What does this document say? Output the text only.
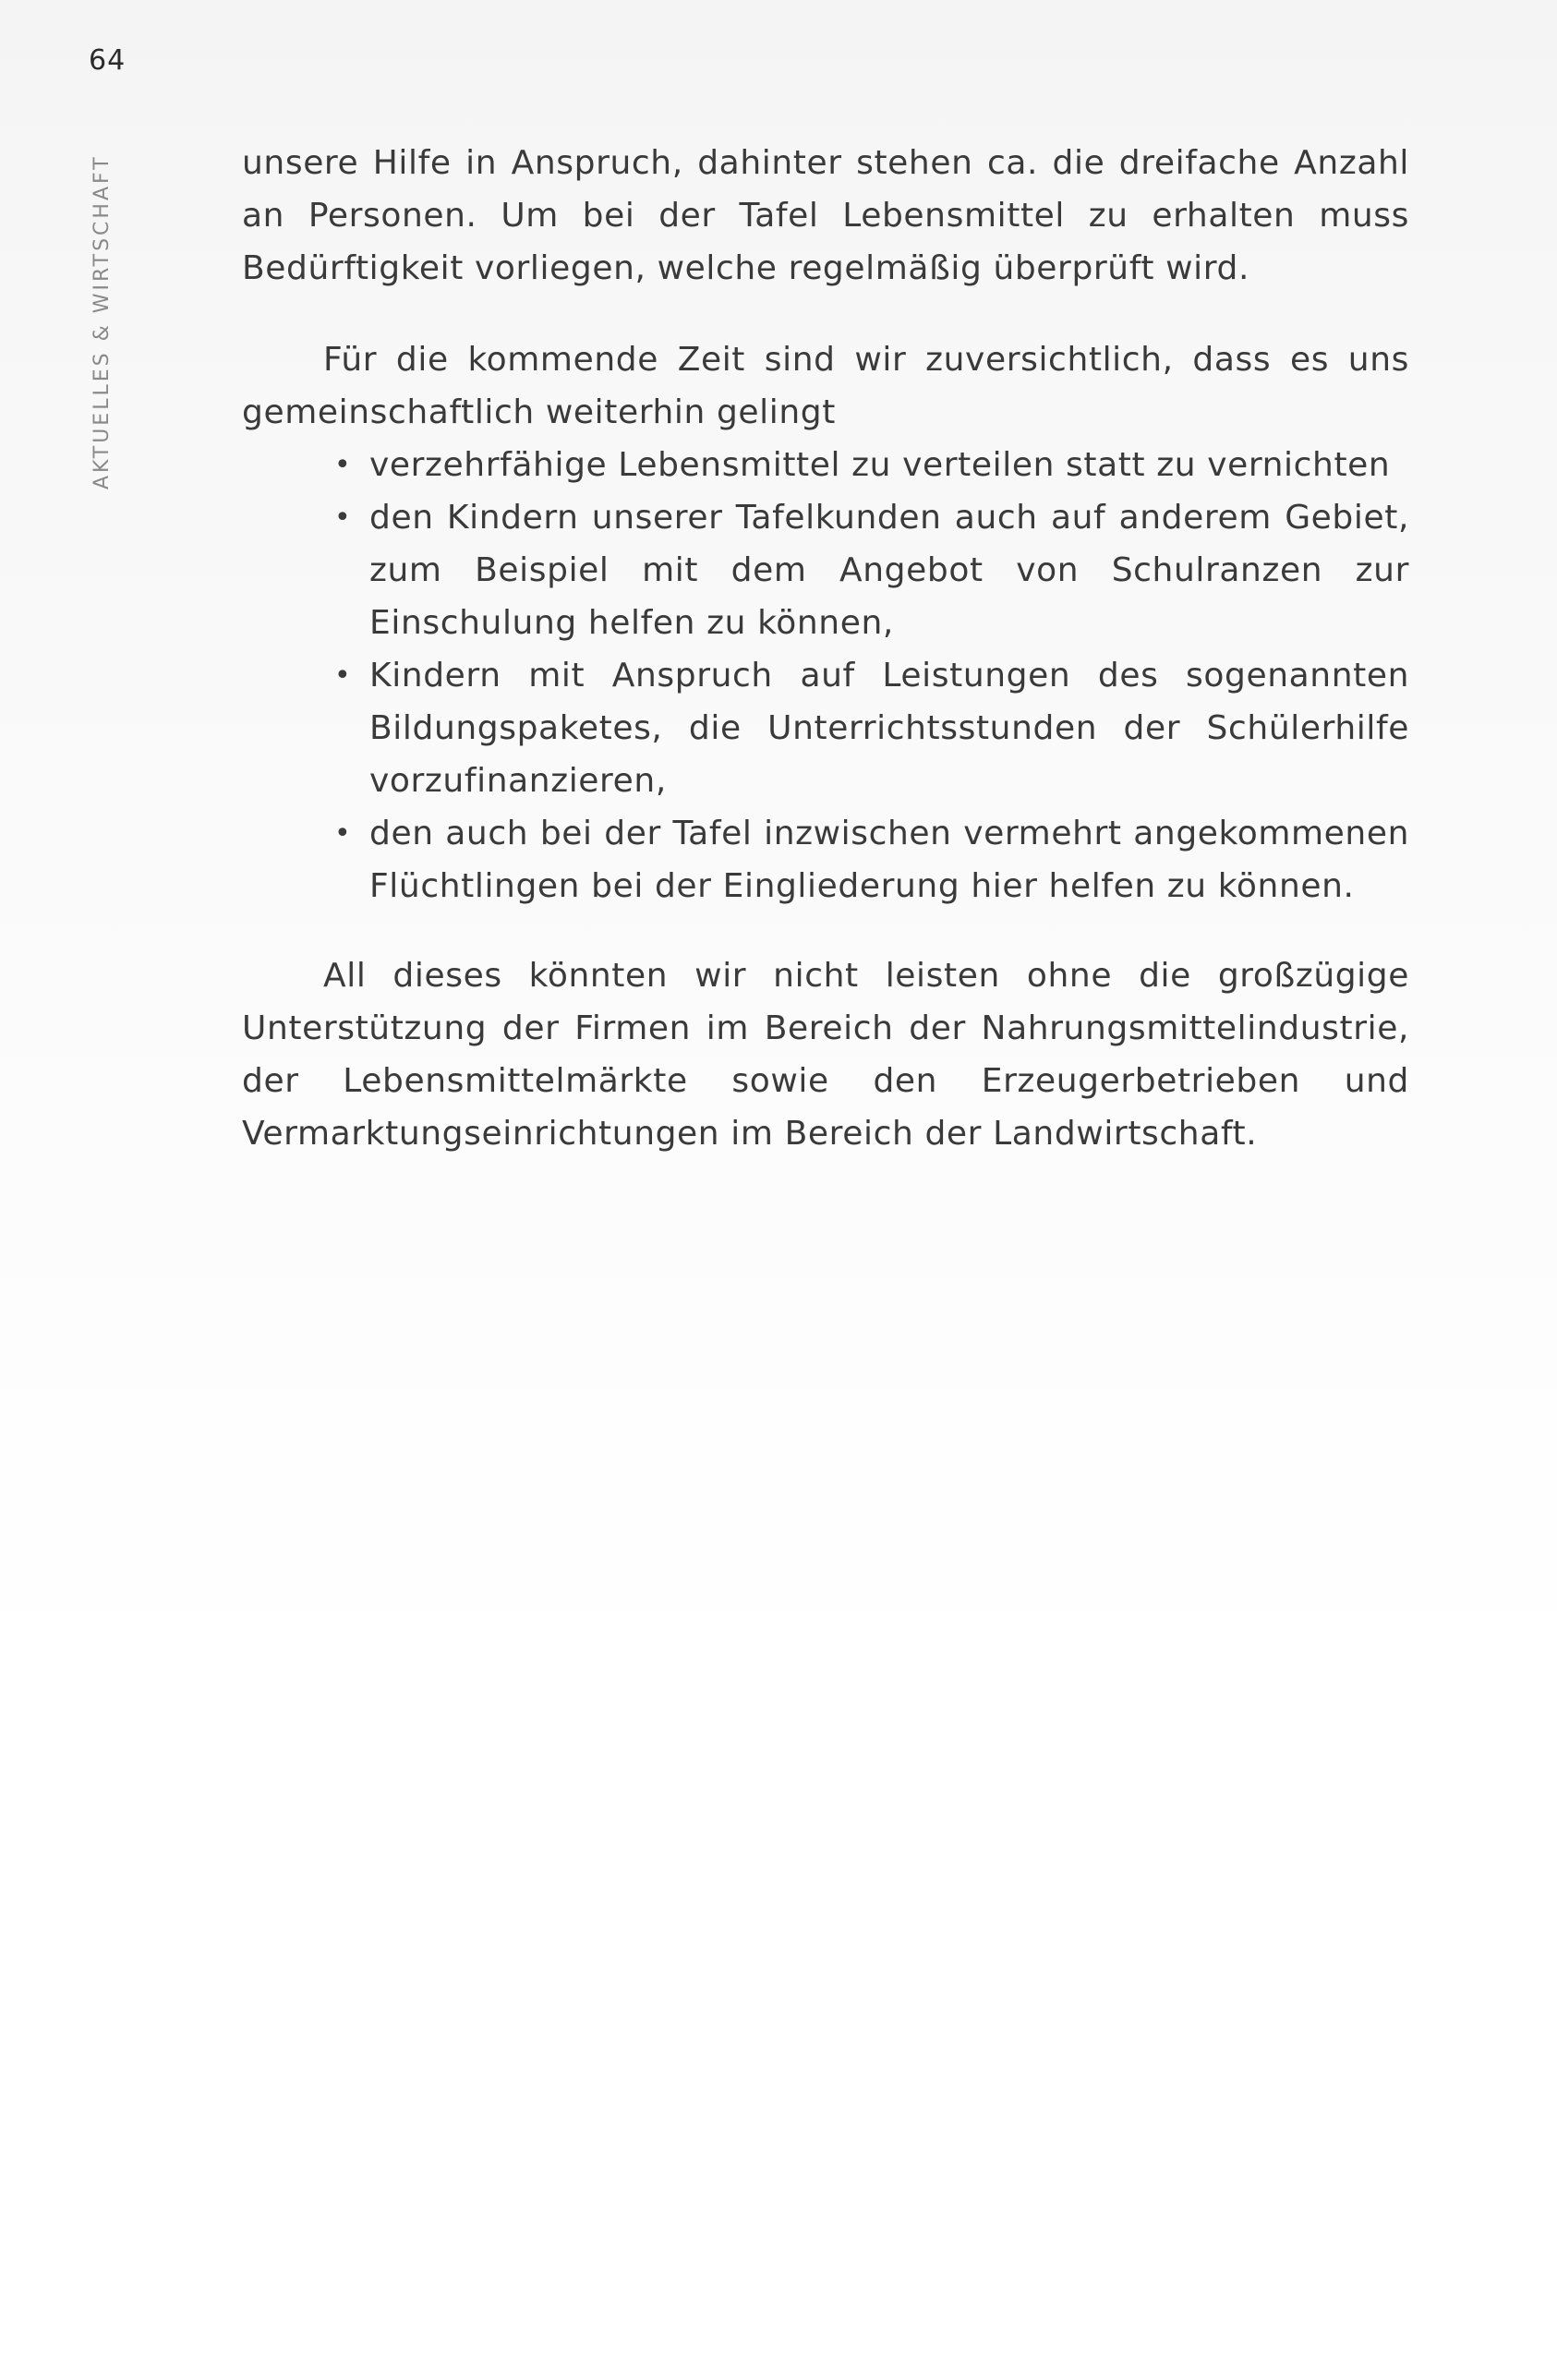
64
AKTUELLES & WIRTSCHAFT	unsere Hilfe in Anspruch, dahinter stehen ca. die dreifache Anzahl an Personen. Um bei der Tafel Lebensmittel zu erhalten muss Bedürftigkeit vorliegen, welche regelmäßig überprüft wird.

Für die kommende Zeit sind wir zuversichtlich, dass es uns gemeinschaftlich weiterhin gelingt

• verzehrfähige Lebensmittel zu verteilen statt zu vernichten
• den Kindern unserer Tafelkunden auch auf anderem Gebiet, zum Beispiel mit dem Angebot von Schulranzen zur Einschulung helfen zu können,
• Kindern mit Anspruch auf Leistungen des sogenannten Bildungspaketes, die Unterrichtsstunden der Schülerhilfe vorzufinanzieren,
• den auch bei der Tafel inzwischen vermehrt angekommenen Flüchtlingen bei der Eingliederung hier helfen zu können.

All dieses könnten wir nicht leisten ohne die großzügige Unterstützung der Firmen im Bereich der Nahrungsmittelindustrie, der Lebensmittelmärkte sowie den Erzeugerbetrieben und Vermarktungseinrichtungen im Bereich der Landwirtschaft.
